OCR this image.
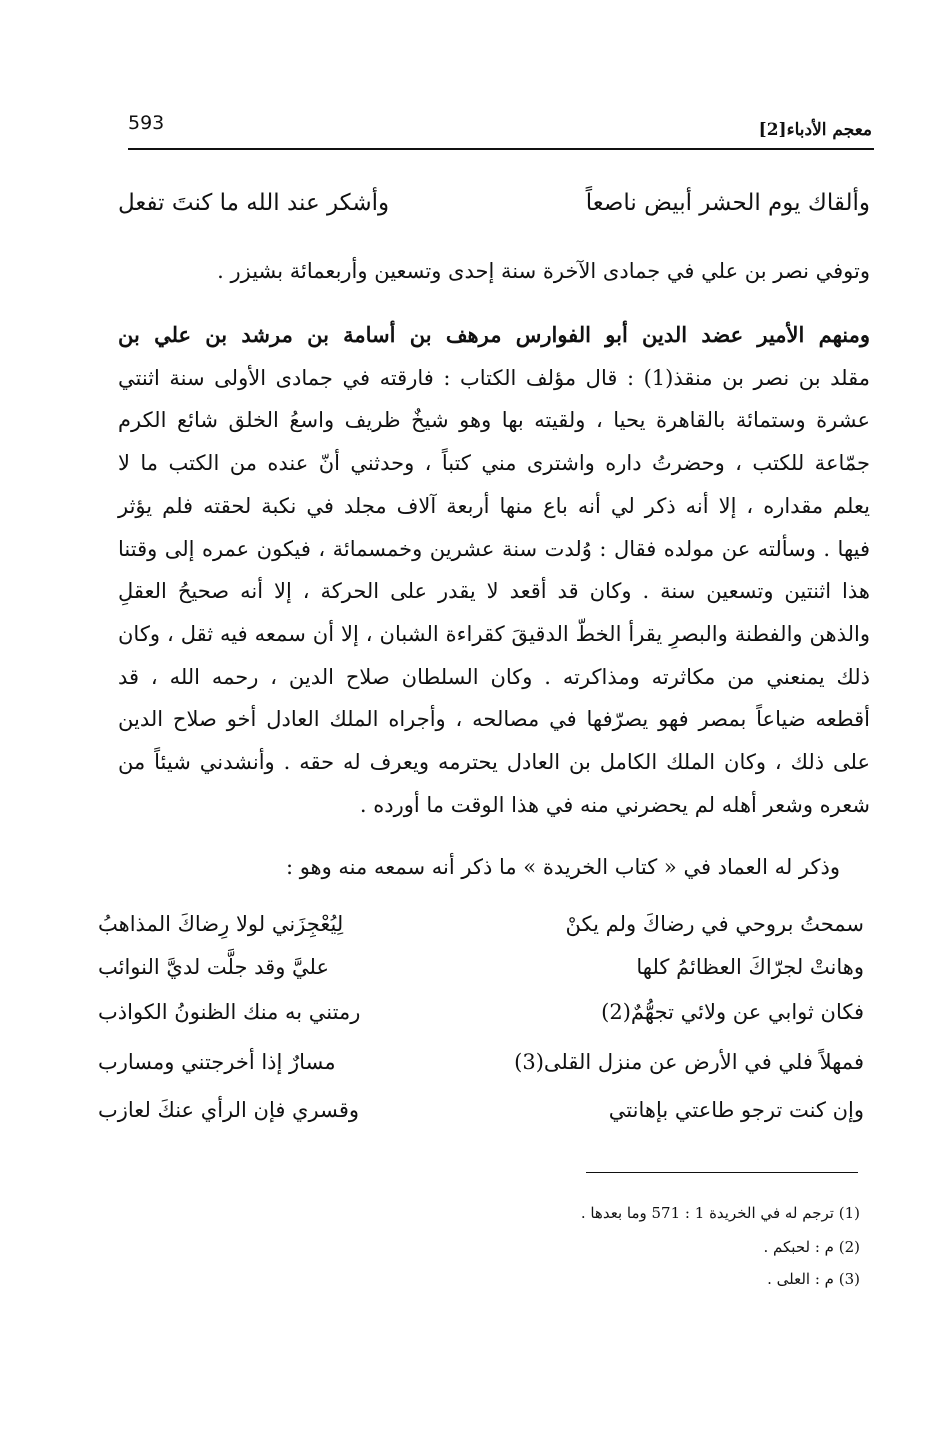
593	معجم الأدباء[2]
وألقاك يوم الحشر أبيض ناصعاً
وأشكر عند الله ما كنتَ تفعل
وتوفي نصر بن علي في جمادى الآخرة سنة إحدى وتسعين وأربعمائة بشيزر .
ومنهم الأمير عضد الدين أبو الفوارس مرهف بن أسامة بن مرشد بن علي بن
مقلد بن نصر بن منقذ(1) : قال مؤلف الكتاب : فارقته في جمادى الأولى سنة اثنتي
عشرة وستمائة بالقاهرة يحيا ، ولقيته بها وهو شيخٌ ظريف واسعُ الخلق شائع الكرم
جمّاعة للكتب ، وحضرتُ داره واشترى مني كتباً ، وحدثني أنّ عنده من الكتب ما لا
يعلم مقداره ، إلا أنه ذكر لي أنه باع منها أربعة آلاف مجلد في نكبة لحقته فلم يؤثر
فيها . وسألته عن مولده فقال : وُلدت سنة عشرين وخمسمائة ، فيكون عمره إلى وقتنا
هذا اثنتين وتسعين سنة . وكان قد أقعد لا يقدر على الحركة ، إلا أنه صحيحُ العقلِ
والذهن والفطنة والبصرِ يقرأ الخطّ الدقيقَ كقراءة الشبان ، إلا أن سمعه فيه ثقل ، وكان
ذلك يمنعني من مكاثرته ومذاكرته . وكان السلطان صلاح الدين ، رحمه الله ، قد
أقطعه ضياعاً بمصر فهو يصرّفها في مصالحه ، وأجراه الملك العادل أخو صلاح الدين
على ذلك ، وكان الملك الكامل بن العادل يحترمه ويعرف له حقه . وأنشدني شيئاً من
شعره وشعر أهله لم يحضرني منه في هذا الوقت ما أورده .
وذكر له العماد في « كتاب الخريدة » ما ذكر أنه سمعه منه وهو :
سمحتُ بروحي في رضاكَ ولم يكنْ
لِيُعْجِزَني لولا رِضاكَ المذاهبُ
وهانتْ لجرّاكَ العظائمُ كلها
عليَّ وقد جلَّت لديَّ النوائب
فكان ثوابي عن ولائي تجهُّمٌ(2)
رمتني به منك الظنونُ الكواذب
فمهلاً فلي في الأرض عن منزل القلى(3)
مسارٌ إذا أخرجتني ومسارب
وإن كنت ترجو طاعتي بإهانتي
وقسري فإن الرأي عنكَ لعازب
(1) ترجم له في الخريدة 1 : 571 وما بعدها .
(2) م : لحبكم .
(3) م : العلى .
